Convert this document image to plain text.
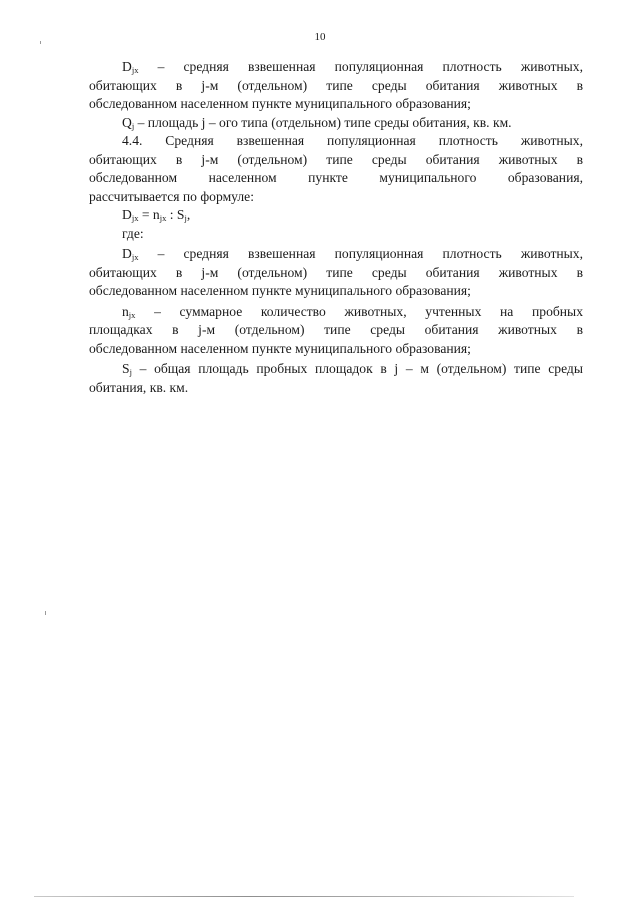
10
$D_{jx}$ – средняя взвешенная популяционная плотность животных,
обитающих в j-м (отдельном) типе среды обитания животных в
обследованном населенном пункте муниципального образования;
$Q_j$ – площадь j – ого типа (отдельном) типе среды обитания, кв. км.
4.4. Средняя взвешенная популяционная плотность животных,
обитающих в j-м (отдельном) типе среды обитания животных в
обследованном населенном пункте муниципального образования,
рассчитывается по формуле:
$D_{jx} = n_{jx}$ : $S_j$,
где:
$D_{jx}$ – средняя взвешенная популяционная плотность животных,
обитающих в j-м (отдельном) типе среды обитания животных в
обследованном населенном пункте муниципального образования;
$n_{jx}$ – суммарное количество животных, учтенных на пробных
площадках в j-м (отдельном) типе среды обитания животных в
обследованном населенном пункте муниципального образования;
$S_j$ – общая площадь пробных площадок в j – м (отдельном) типе среды
обитания, кв. км.
